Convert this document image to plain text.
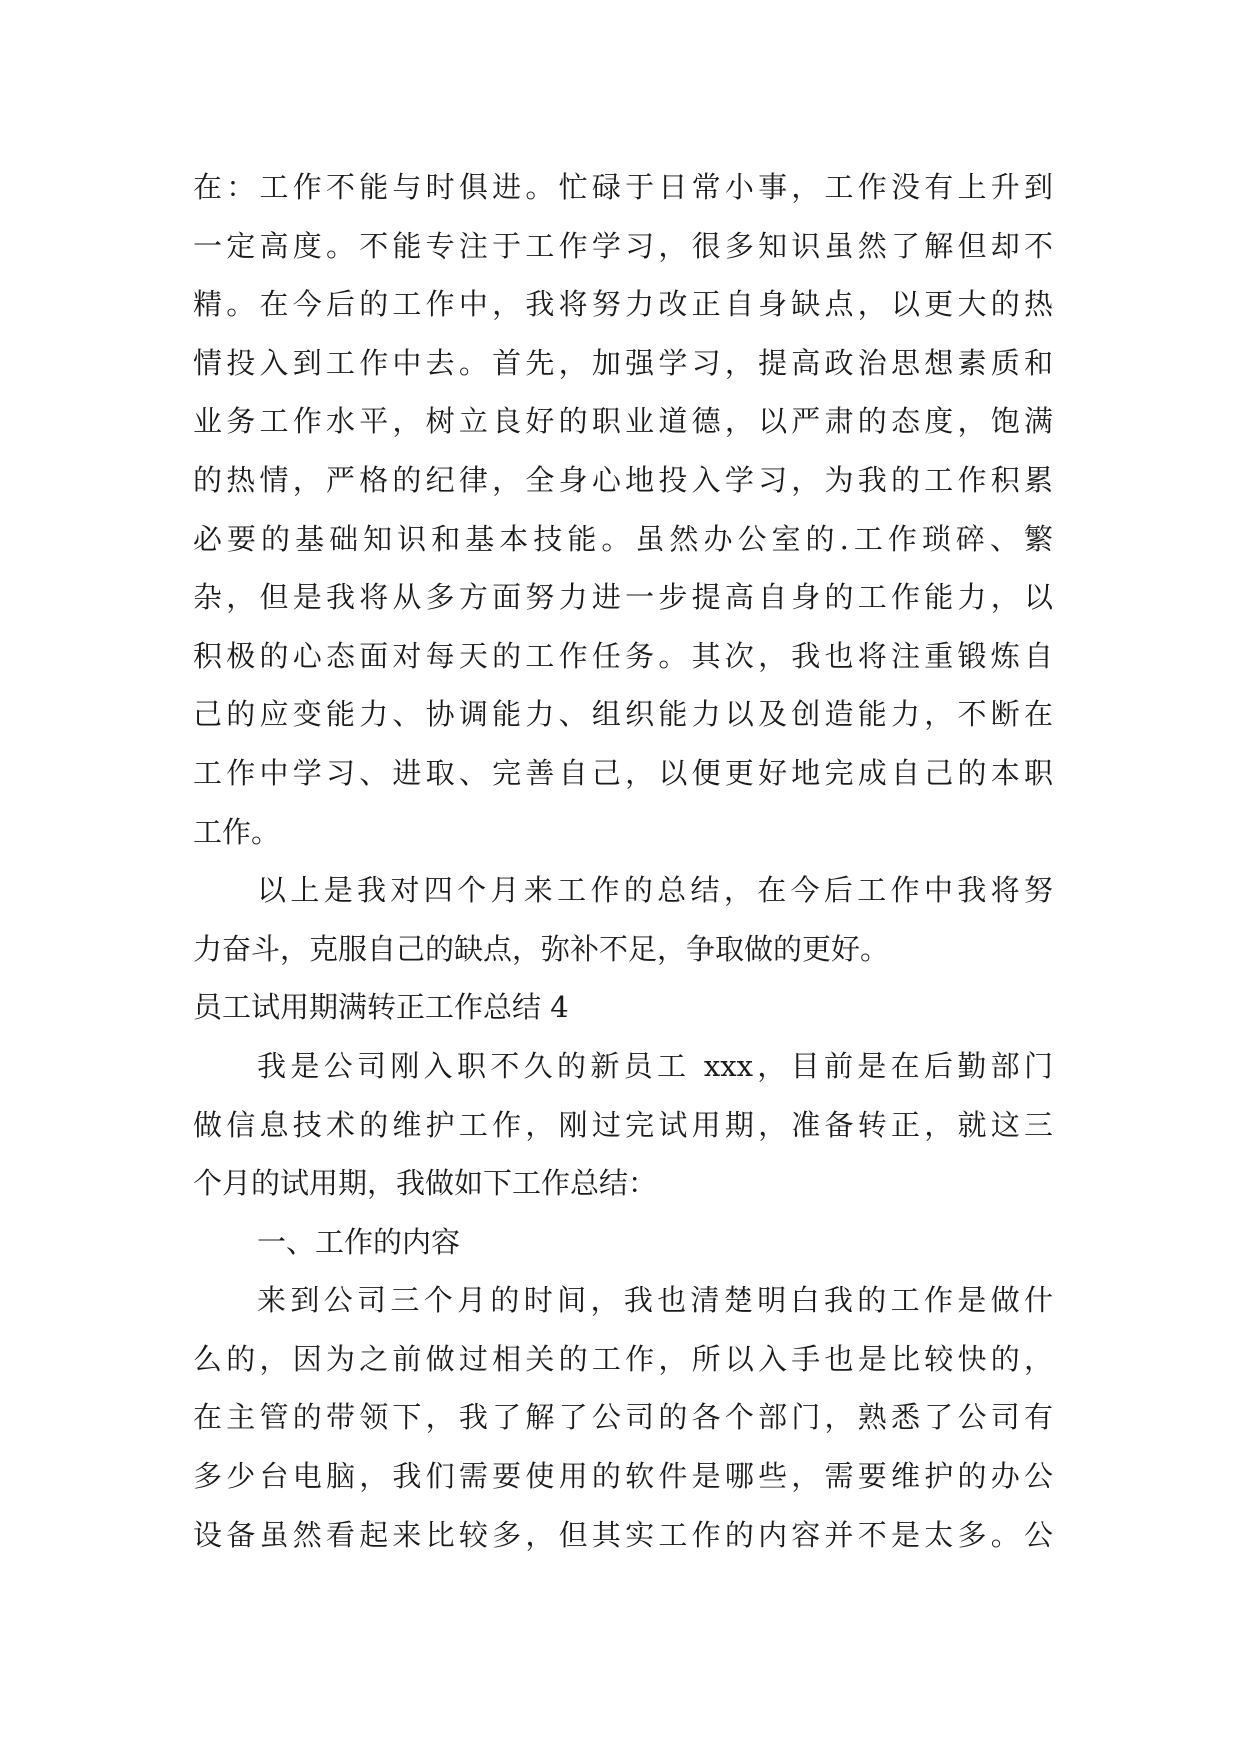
在：工作不能与时俱进。忙碌于日常小事，工作没有上升到
一定高度。不能专注于工作学习，很多知识虽然了解但却不
精。在今后的工作中，我将努力改正自身缺点，以更大的热
情投入到工作中去。首先，加强学习，提高政治思想素质和
业务工作水平，树立良好的职业道德，以严肃的态度，饱满
的热情，严格的纪律，全身心地投入学习，为我的工作积累
必要的基础知识和基本技能。虽然办公室的.工作琐碎、繁
杂，但是我将从多方面努力进一步提高自身的工作能力，以
积极的心态面对每天的工作任务。其次，我也将注重锻炼自
己的应变能力、协调能力、组织能力以及创造能力，不断在
工作中学习、进取、完善自己，以便更好地完成自己的本职
工作。
以上是我对四个月来工作的总结，在今后工作中我将努
力奋斗，克服自己的缺点，弥补不足，争取做的更好。
员工试用期满转正工作总结 4
我是公司刚入职不久的新员工 xxx，目前是在后勤部门
做信息技术的维护工作，刚过完试用期，准备转正，就这三
个月的试用期，我做如下工作总结：
一、工作的内容
来到公司三个月的时间，我也清楚明白我的工作是做什
么的，因为之前做过相关的工作，所以入手也是比较快的，
在主管的带领下，我了解了公司的各个部门，熟悉了公司有
多少台电脑，我们需要使用的软件是哪些，需要维护的办公
设备虽然看起来比较多，但其实工作的内容并不是太多。公
